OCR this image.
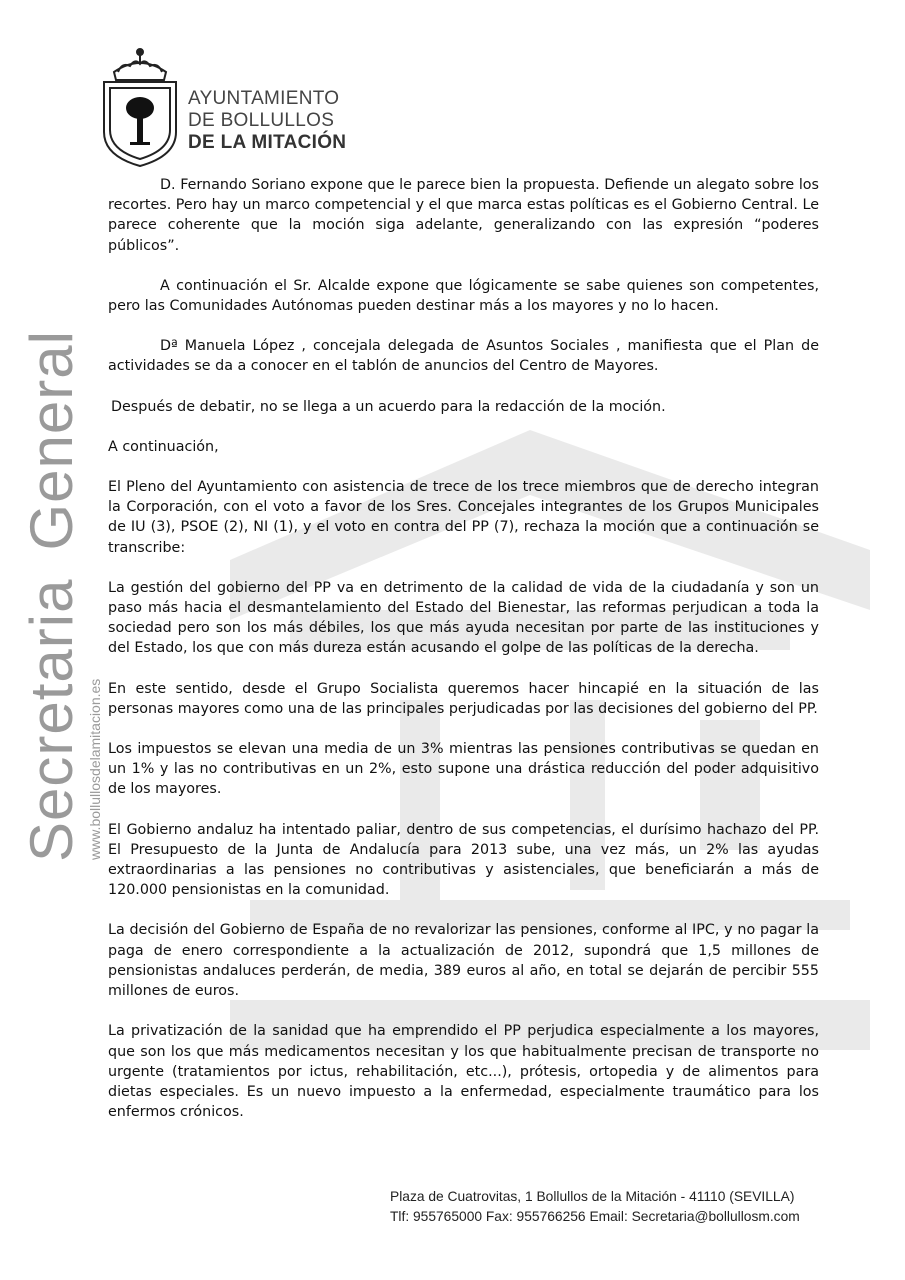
AYUNTAMIENTO
DE BOLLULLOS
DE LA MITACIÓN
SecretariaGeneral
www.bollullosdelamitacion.es

D. Fernando Soriano expone que le parece bien la propuesta. Defiende un alegato sobre los recortes. Pero hay un marco competencial y el que marca estas políticas es el Gobierno Central. Le parece coherente que la moción siga adelante, generalizando con las expresión “poderes públicos”.

A continuación el Sr. Alcalde expone que lógicamente se sabe quienes son competentes, pero las Comunidades Autónomas pueden destinar más a los mayores y no lo hacen.

Dª Manuela López , concejala delegada de Asuntos Sociales , manifiesta que el Plan de actividades se da a conocer en el tablón de anuncios del Centro de Mayores.

Después de debatir, no se llega a un acuerdo para la redacción de la moción.

A continuación,

El Pleno del Ayuntamiento con asistencia de trece de los trece miembros que de derecho integran la Corporación, con el voto a favor de los Sres. Concejales integrantes de los Grupos Municipales de IU (3), PSOE (2), NI (1), y el voto en contra del PP (7), rechaza la moción que a continuación se transcribe:

La gestión del gobierno del PP va en detrimento de la calidad de vida de la ciudadanía y son un paso más hacia el desmantelamiento del Estado del Bienestar, las reformas perjudican a toda la sociedad pero son los más débiles, los que más ayuda necesitan por parte de las instituciones y del Estado, los que con más dureza están acusando el golpe de las políticas de la derecha.

En este sentido, desde el Grupo Socialista queremos hacer hincapié en la situación de las personas mayores como una de las principales perjudicadas por las decisiones del gobierno del PP.

Los impuestos se elevan una media de un 3% mientras las pensiones contributivas se quedan en un 1% y las no contributivas en un 2%, esto supone una drástica reducción del poder adquisitivo de los mayores.

El Gobierno andaluz ha intentado paliar, dentro de sus competencias, el durísimo hachazo del PP. El Presupuesto de la Junta de Andalucía para 2013 sube, una vez más, un 2% las ayudas extraordinarias a las pensiones no contributivas y asistenciales, que beneficiarán a más de 120.000 pensionistas en la comunidad.

La decisión del Gobierno de España de no revalorizar las pensiones, conforme al IPC, y no pagar la paga de enero correspondiente a la actualización de 2012, supondrá que 1,5 millones de pensionistas andaluces perderán, de media, 389 euros al año, en total se dejarán de percibir 555 millones de euros.

La privatización de la sanidad que ha emprendido el PP perjudica especialmente a los mayores, que son los que más medicamentos necesitan y los que habitualmente precisan de transporte no urgente (tratamientos por ictus, rehabilitación, etc...), prótesis, ortopedia y de alimentos para dietas especiales. Es un nuevo impuesto a la enfermedad, especialmente traumático para los enfermos crónicos.

Plaza de Cuatrovitas, 1 Bollullos de la Mitación - 41110 (SEVILLA)
Tlf: 955765000 Fax: 955766256 Email: Secretaria@bollullosm.com
